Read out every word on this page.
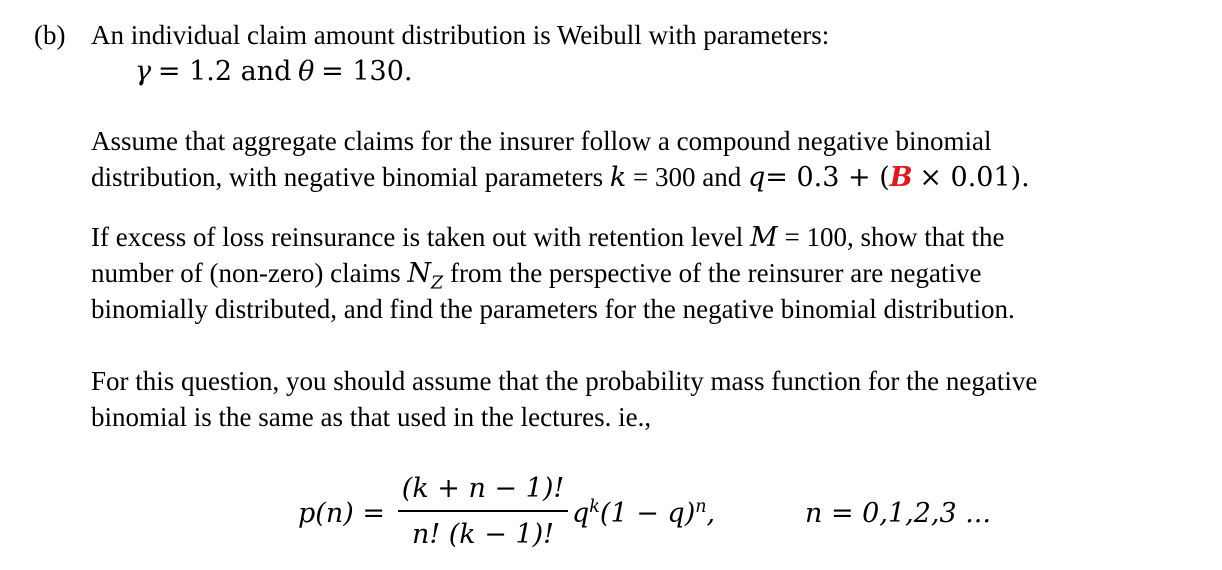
(b) An individual claim amount distribution is Weibull with parameters:
γ = 1.2 and θ = 130.
Assume that aggregate claims for the insurer follow a compound negative binomial
distribution, with negative binomial parameters k = 300 and q= 0.3 + (B × 0.01).
If excess of loss reinsurance is taken out with retention level M = 100, show that the
number of (non-zero) claims $N_Z$ from the perspective of the reinsurer are negative
binomially distributed, and find the parameters for the negative binomial distribution.
For this question, you should assume that the probability mass function for the negative
binomial is the same as that used in the lectures. ie.,
p(n) =
(k + n − 1)!
n! (k − 1)!
$q^k(1 - q)^n$,	n = 0,1,2,3 ...
